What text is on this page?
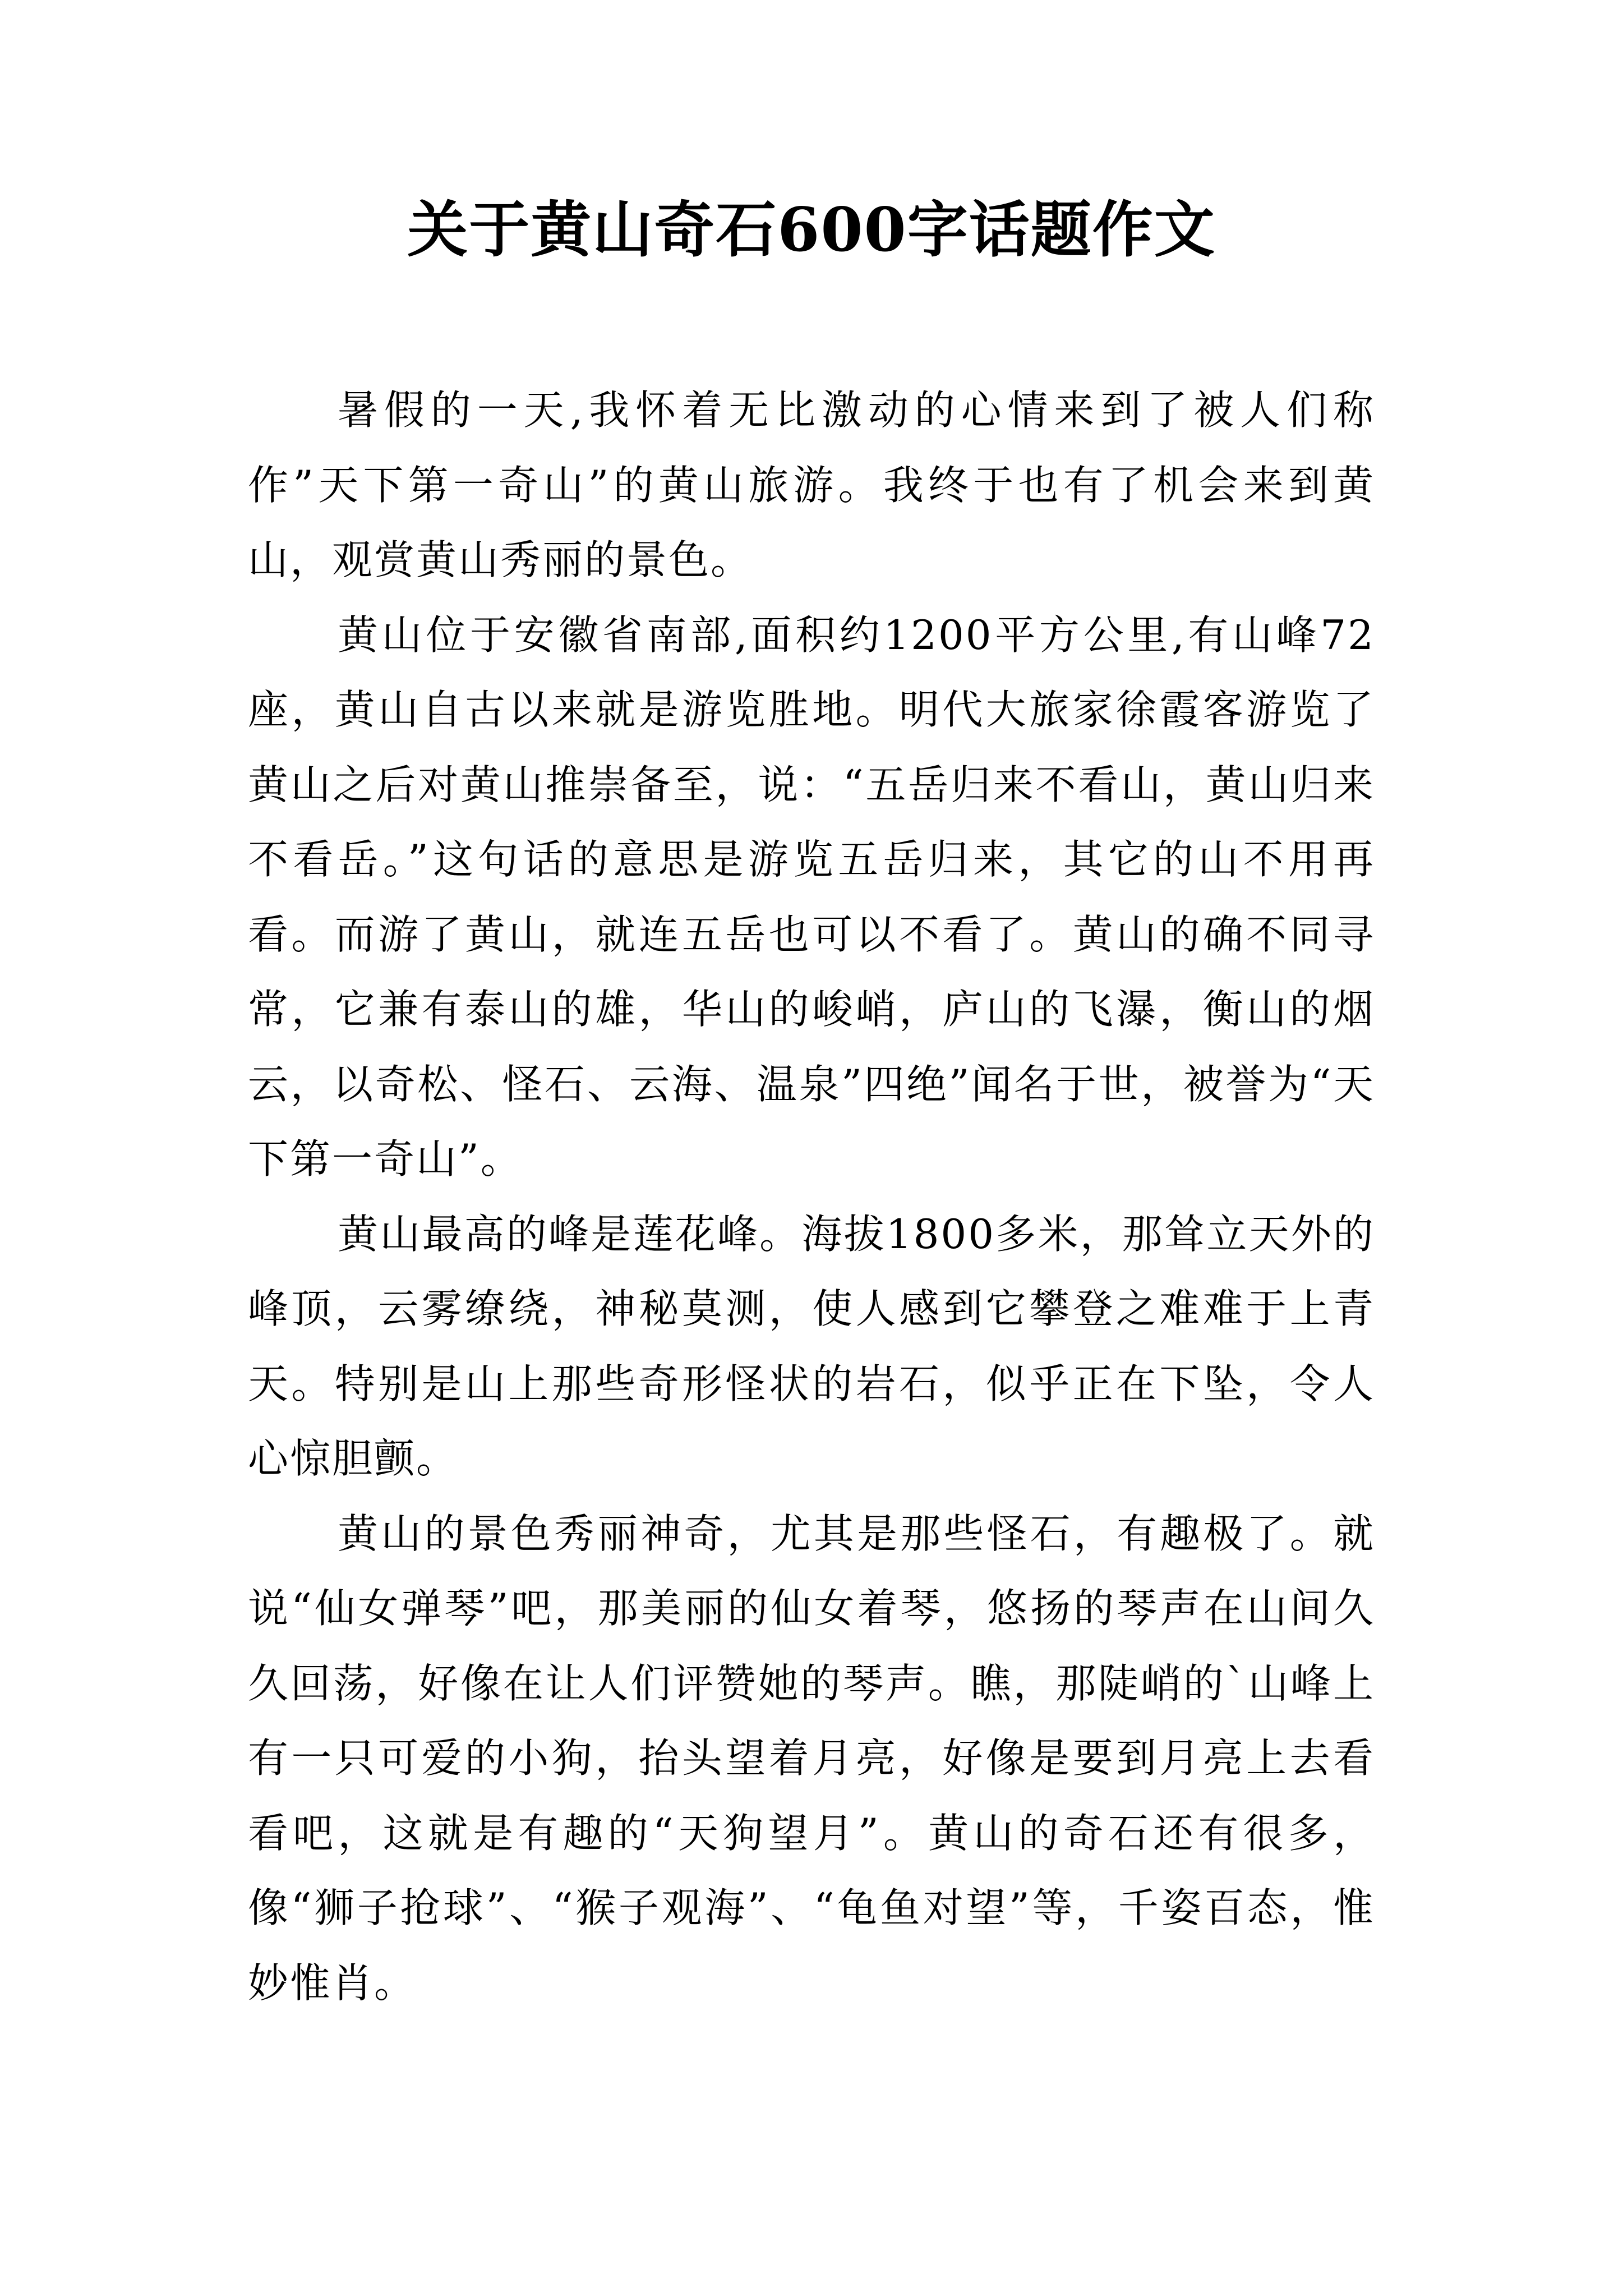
关于黄山奇石600字话题作文

暑假的一天,我怀着无比激动的心情来到了被人们称作”天下第一奇山”的黄山旅游。我终于也有了机会来到黄山，观赏黄山秀丽的景色。

黄山位于安徽省南部,面积约1200平方公里,有山峰72座，黄山自古以来就是游览胜地。明代大旅家徐霞客游览了黄山之后对黄山推崇备至，说：“五岳归来不看山，黄山归来不看岳。”这句话的意思是游览五岳归来，其它的山不用再看。而游了黄山，就连五岳也可以不看了。黄山的确不同寻常，它兼有泰山的雄，华山的峻峭，庐山的飞瀑，衡山的烟云，以奇松、怪石、云海、温泉”四绝”闻名于世，被誉为“天下第一奇山”。

黄山最高的峰是莲花峰。海拔1800多米，那耸立天外的峰顶，云雾缭绕，神秘莫测，使人感到它攀登之难难于上青天。特别是山上那些奇形怪状的岩石，似乎正在下坠，令人心惊胆颤。

黄山的景色秀丽神奇，尤其是那些怪石，有趣极了。就说“仙女弹琴”吧，那美丽的仙女着琴，悠扬的琴声在山间久久回荡，好像在让人们评赞她的琴声。瞧，那陡峭的`山峰上有一只可爱的小狗，抬头望着月亮，好像是要到月亮上去看看吧，这就是有趣的“天狗望月”。黄山的奇石还有很多，像“狮子抢球”、“猴子观海”、“龟鱼对望”等，千姿百态，惟妙惟肖。
